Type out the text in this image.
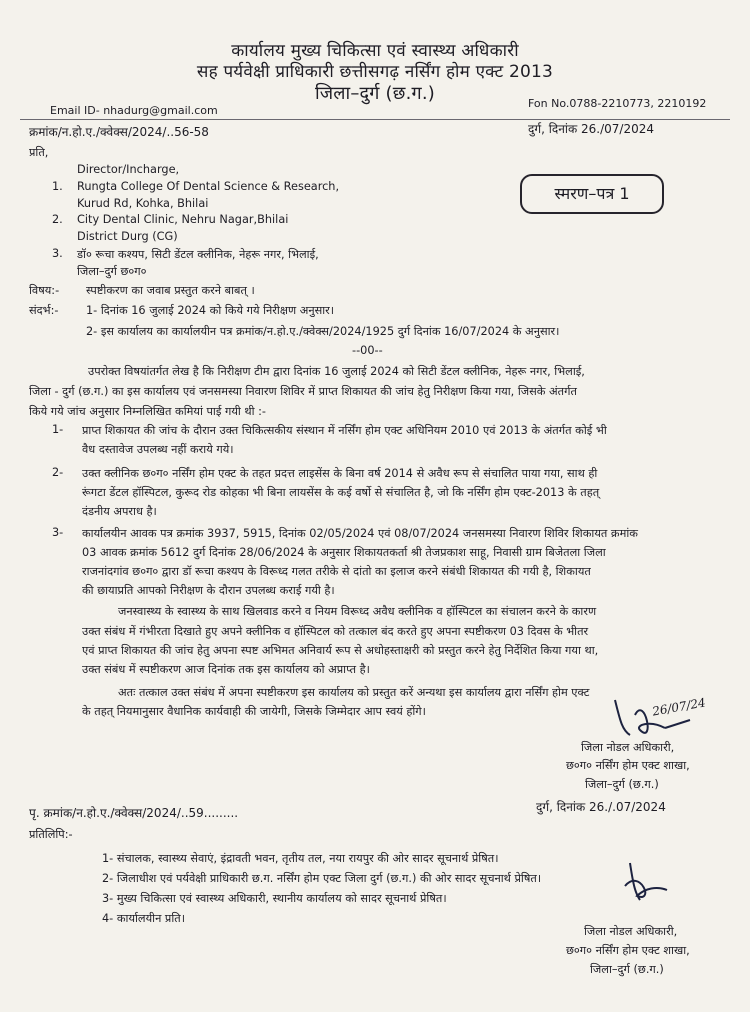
कार्यालय मुख्य चिकित्सा एवं स्वास्थ्य अधिकारी
सह पर्यवेक्षी प्राधिकारी छत्तीसगढ़ नर्सिंग होम एक्ट 2013
जिला–दुर्ग (छ.ग.)
Email ID- nhadurg@gmail.com
Fon No.0788-2210773, 2210192
क्रमांक/न.हो.ए./क्वेक्स/2024/..56-58	दुर्ग, दिनांक 26./07/2024
प्रति,
Director/Incharge,
1. Rungta College Of Dental Science & Research,
Kurud Rd, Kohka, Bhilai
2. City Dental Clinic, Nehru Nagar,Bhilai
District Durg (CG)
3. डॉ० रूचा कश्यप, सिटी डेंटल क्लीनिक, नेहरू नगर, भिलाई,
जिला–दुर्ग छ०ग०
स्मरण–पत्र 1
विषय:- स्पष्टीकरण का जवाब प्रस्तुत करने बाबत् ।
संदर्भ:- 1- दिनांक 16 जुलाई 2024 को किये गये निरीक्षण अनुसार।
2- इस कार्यालय का कार्यालयीन पत्र क्रमांक/न.हो.ए./क्वेक्स/2024/1925 दुर्ग दिनांक 16/07/2024 के अनुसार।
--00--
उपरोक्त विषयांतर्गत लेख है कि निरीक्षण टीम द्वारा दिनांक 16 जुलाई 2024 को सिटी डेंटल क्लीनिक, नेहरू नगर, भिलाई,
जिला - दुर्ग (छ.ग.) का इस कार्यालय एवं जनसमस्या निवारण शिविर में प्राप्त शिकायत की जांच हेतु निरीक्षण किया गया, जिसके अंतर्गत
किये गये जांच अनुसार निम्नलिखित कमियां पाई गयी थी :-
1- प्राप्त शिकायत की जांच के दौरान उक्त चिकित्सकीय संस्थान में नर्सिंग होम एक्ट अधिनियम 2010 एवं 2013 के अंतर्गत कोई भी
वैध दस्तावेज उपलब्ध नहीं कराये गये।
2- उक्त क्लीनिक छ०ग० नर्सिंग होम एक्ट के तहत प्रदत्त लाइसेंस के बिना वर्ष 2014 से अवैध रूप से संचालित पाया गया, साथ ही
रूंगटा डेंटल हॉस्पिटल, कुरूद रोड कोहका भी बिना लायसेंस के कई वर्षो से संचालित है, जो कि नर्सिंग होम एक्ट-2013 के तहत्
दंडनीय अपराध है।
3- कार्यालयीन आवक पत्र क्रमांक 3937, 5915, दिनांक 02/05/2024 एवं 08/07/2024 जनसमस्या निवारण शिविर शिकायत क्रमांक
03 आवक क्रमांक 5612 दुर्ग दिनांक 28/06/2024 के अनुसार शिकायतकर्ता श्री तेजप्रकाश साहू, निवासी ग्राम बिजेतला जिला
राजनांदगांव छ०ग० द्वारा डॉ रूचा कश्यप के विरूध्द गलत तरीके से दांतो का इलाज करने संबंधी शिकायत की गयी है, शिकायत
की छायाप्रति आपको निरीक्षण के दौरान उपलब्ध कराई गयी है।
जनस्वास्थ्य के स्वास्थ्य के साथ खिलवाड करने व नियम विरूध्द अवैध क्लीनिक व हॉस्पिटल का संचालन करने के कारण
उक्त संबंध में गंभीरता दिखाते हुए अपने क्लीनिक व हॉस्पिटल को तत्काल बंद करते हुए अपना स्पष्टीकरण 03 दिवस के भीतर
एवं प्राप्त शिकायत की जांच हेतु अपना स्पष्ट अभिमत अनिवार्य रूप से अधोहस्ताक्षरी को प्रस्तुत करने हेतु निर्देशित किया गया था,
उक्त संबंध में स्पष्टीकरण आज दिनांक तक इस कार्यालय को अप्राप्त है।
अतः तत्काल उक्त संबंध में अपना स्पष्टीकरण इस कार्यालय को प्रस्तुत करें अन्यथा इस कार्यालय द्वारा नर्सिंग होम एक्ट
के तहत् नियमानुसार वैधानिक कार्यवाही की जायेगी, जिसके जिम्मेदार आप स्वयं होंगे।	26/07/24
जिला नोडल अधिकारी,
छ०ग० नर्सिंग होम एक्ट शाखा,
जिला–दुर्ग (छ.ग.)
पृ. क्रमांक/न.हो.ए./क्वेक्स/2024/..59.........	दुर्ग, दिनांक 26./.07/2024
प्रतिलिपि:-
1- संचालक, स्वास्थ्य सेवाएं, इंद्रावती भवन, तृतीय तल, नया रायपुर की ओर सादर सूचनार्थ प्रेषित।
2- जिलाधीश एवं पर्यवेक्षी प्राधिकारी छ.ग. नर्सिंग होम एक्ट जिला दुर्ग (छ.ग.) की ओर सादर सूचनार्थ प्रेषित।
3- मुख्य चिकित्सा एवं स्वास्थ्य अधिकारी, स्थानीय कार्यालय को सादर सूचनार्थ प्रेषित।
4- कार्यालयीन प्रति।
जिला नोडल अधिकारी,
छ०ग० नर्सिंग होम एक्ट शाखा,
जिला–दुर्ग (छ.ग.)
